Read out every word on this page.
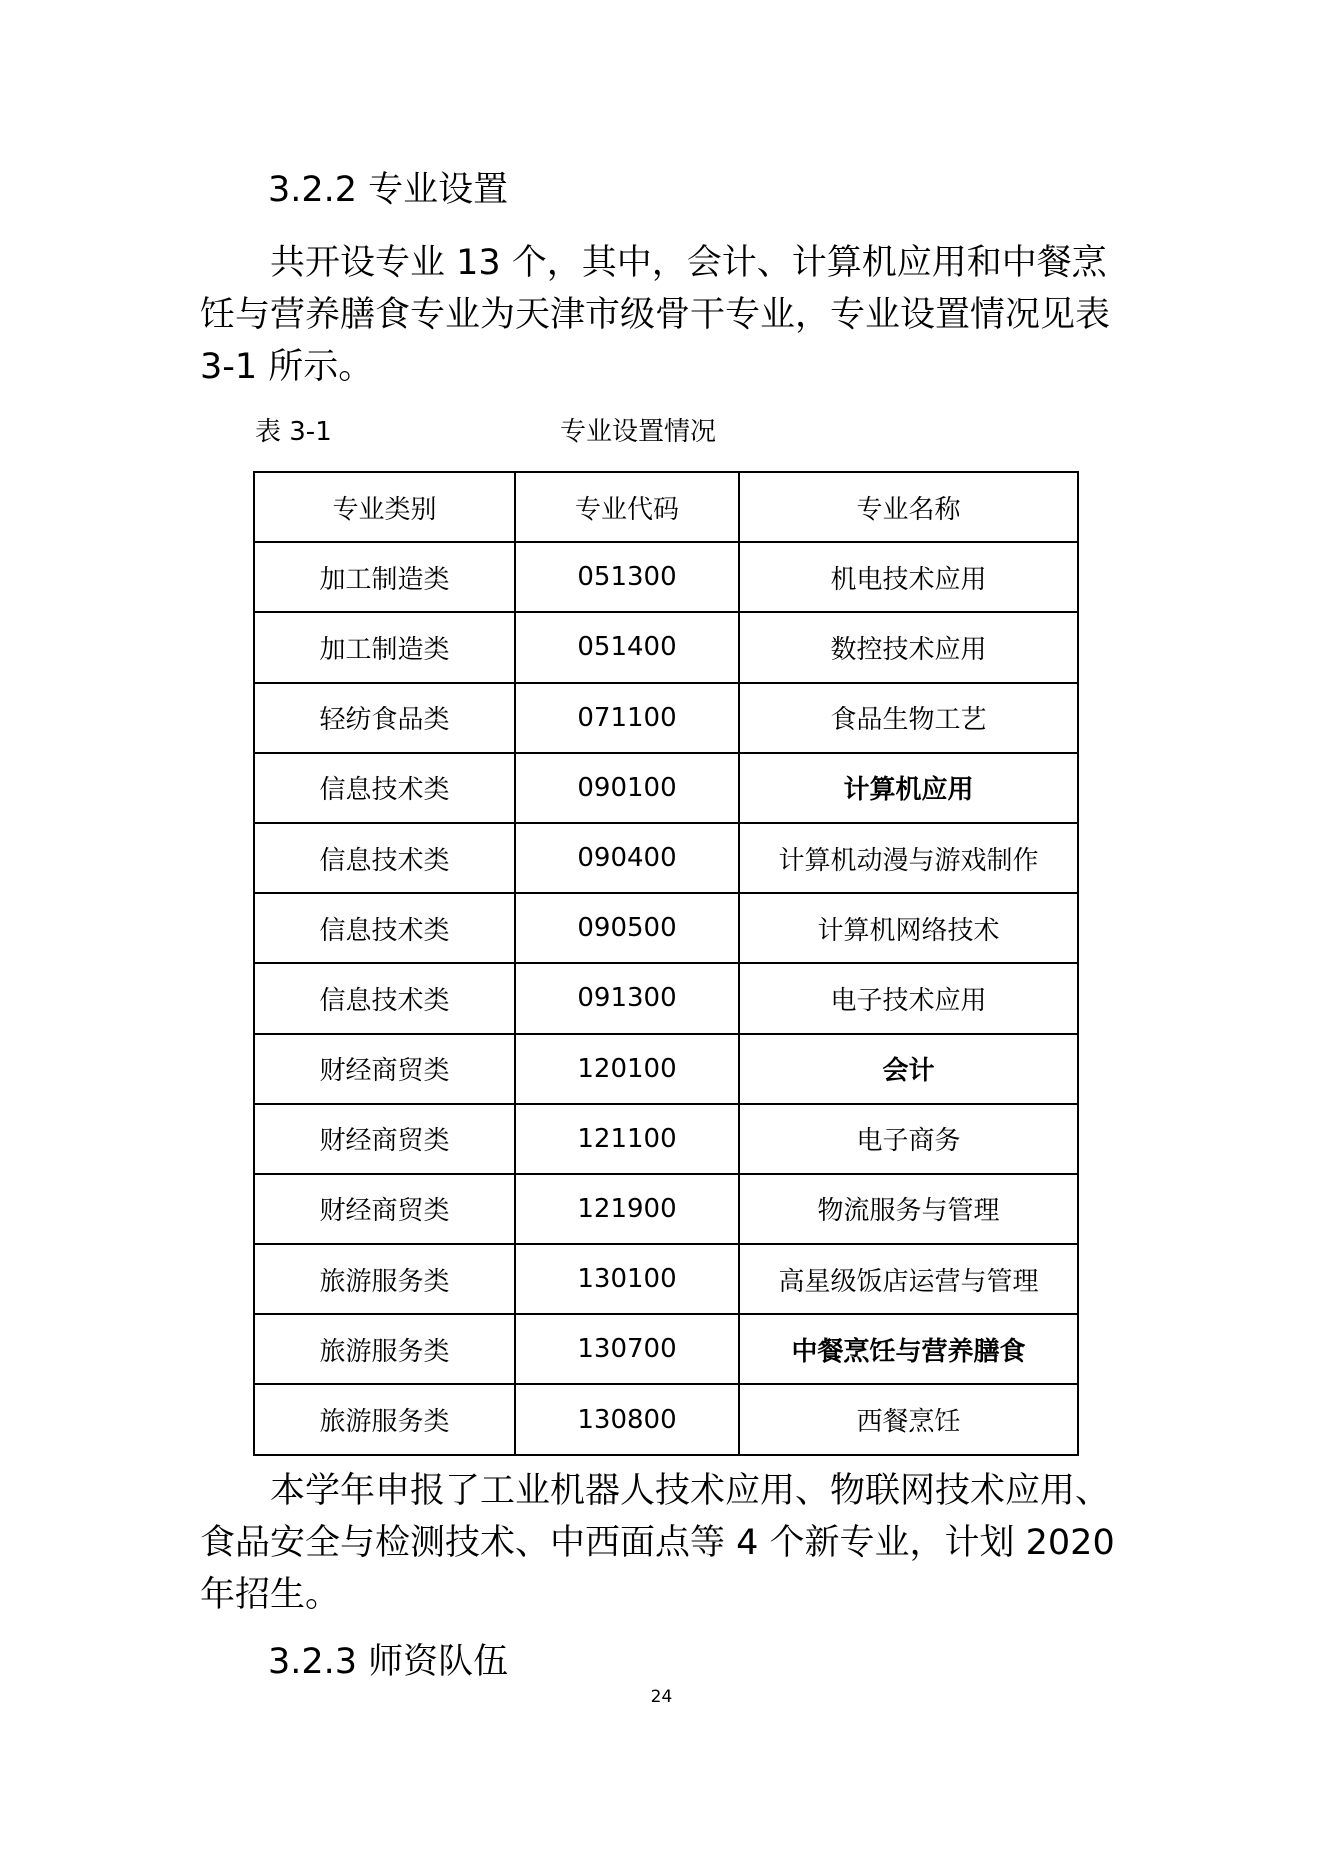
3.2.2 专业设置
共开设专业 13 个，其中，会计、计算机应用和中餐烹饪与营养膳食专业为天津市级骨干专业，专业设置情况见表 3-1 所示。
表 3-1	专业设置情况
专业类别	专业代码	专业名称
加工制造类	051300	机电技术应用
加工制造类	051400	数控技术应用
轻纺食品类	071100	食品生物工艺
信息技术类	090100	计算机应用
信息技术类	090400	计算机动漫与游戏制作
信息技术类	090500	计算机网络技术
信息技术类	091300	电子技术应用
财经商贸类	120100	会计
财经商贸类	121100	电子商务
财经商贸类	121900	物流服务与管理
旅游服务类	130100	高星级饭店运营与管理
旅游服务类	130700	中餐烹饪与营养膳食
旅游服务类	130800	西餐烹饪
本学年申报了工业机器人技术应用、物联网技术应用、食品安全与检测技术、中西面点等 4 个新专业，计划 2020 年招生。
3.2.3 师资队伍
24
